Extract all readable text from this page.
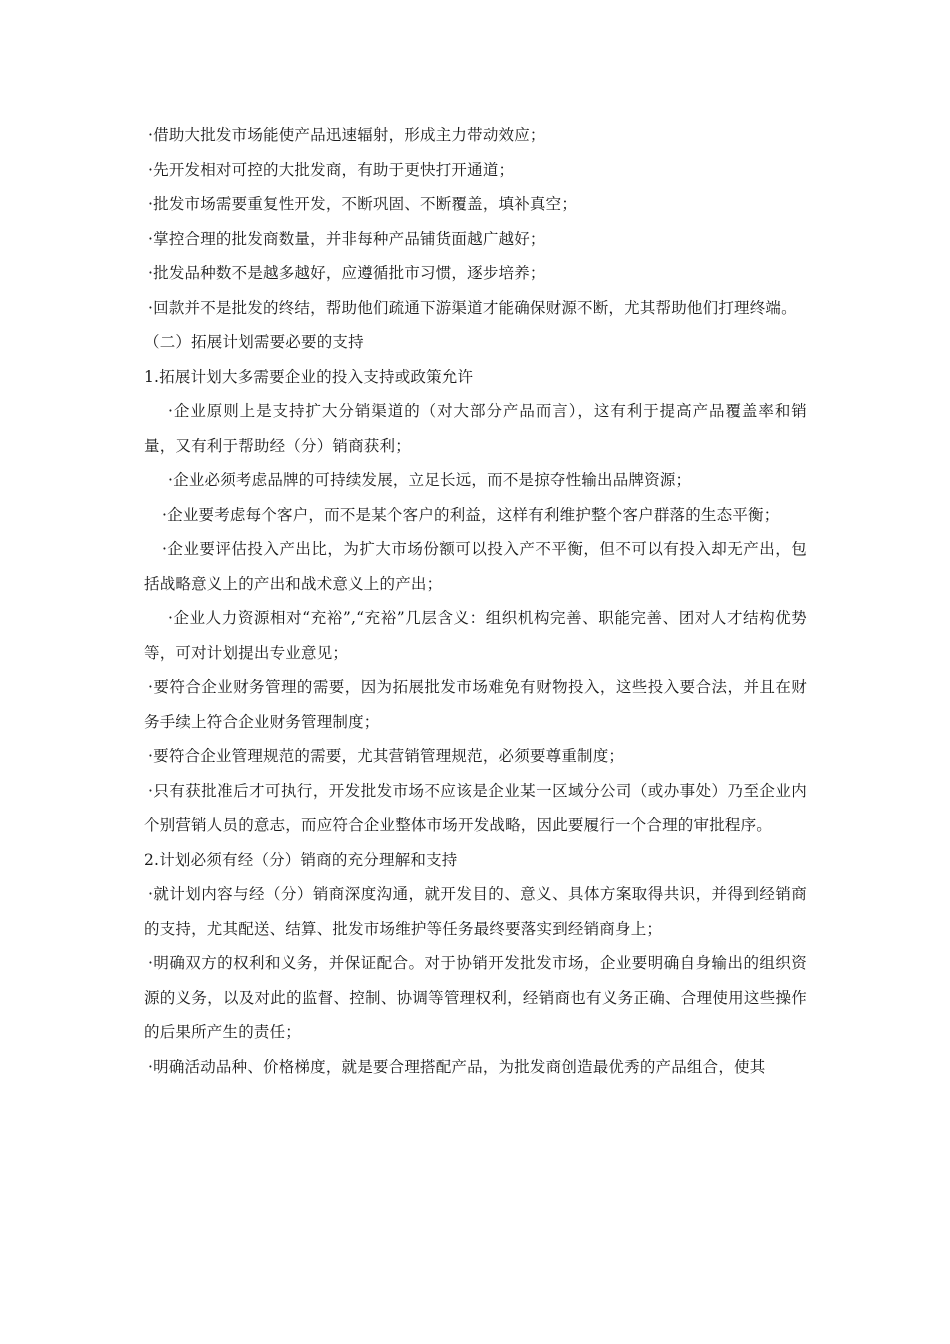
·借助大批发市场能使产品迅速辐射，形成主力带动效应；

·先开发相对可控的大批发商，有助于更快打开通道；

·批发市场需要重复性开发，不断巩固、不断覆盖，填补真空；

·掌控合理的批发商数量，并非每种产品铺货面越广越好；

·批发品种数不是越多越好，应遵循批市习惯，逐步培养；

·回款并不是批发的终结，帮助他们疏通下游渠道才能确保财源不断，尤其帮助他们打理终端。

（二）拓展计划需要必要的支持

1.拓展计划大多需要企业的投入支持或政策允许

·企业原则上是支持扩大分销渠道的（对大部分产品而言），这有利于提高产品覆盖率和销量，又有利于帮助经（分）销商获利；

·企业必须考虑品牌的可持续发展，立足长远，而不是掠夺性输出品牌资源；

·企业要考虑每个客户，而不是某个客户的利益，这样有利维护整个客户群落的生态平衡；

·企业要评估投入产出比，为扩大市场份额可以投入产不平衡，但不可以有投入却无产出，包括战略意义上的产出和战术意义上的产出；

·企业人力资源相对“充裕”,“充裕”几层含义：组织机构完善、职能完善、团对人才结构优势等，可对计划提出专业意见；

·要符合企业财务管理的需要，因为拓展批发市场难免有财物投入，这些投入要合法，并且在财务手续上符合企业财务管理制度；

·要符合企业管理规范的需要，尤其营销管理规范，必须要尊重制度；

·只有获批准后才可执行，开发批发市场不应该是企业某一区域分公司（或办事处）乃至企业内个别营销人员的意志，而应符合企业整体市场开发战略，因此要履行一个合理的审批程序。

2.计划必须有经（分）销商的充分理解和支持

·就计划内容与经（分）销商深度沟通，就开发目的、意义、具体方案取得共识，并得到经销商的支持，尤其配送、结算、批发市场维护等任务最终要落实到经销商身上；

·明确双方的权利和义务，并保证配合。对于协销开发批发市场，企业要明确自身输出的组织资源的义务，以及对此的监督、控制、协调等管理权利，经销商也有义务正确、合理使用这些操作的后果所产生的责任；

·明确活动品种、价格梯度，就是要合理搭配产品，为批发商创造最优秀的产品组合，使其
